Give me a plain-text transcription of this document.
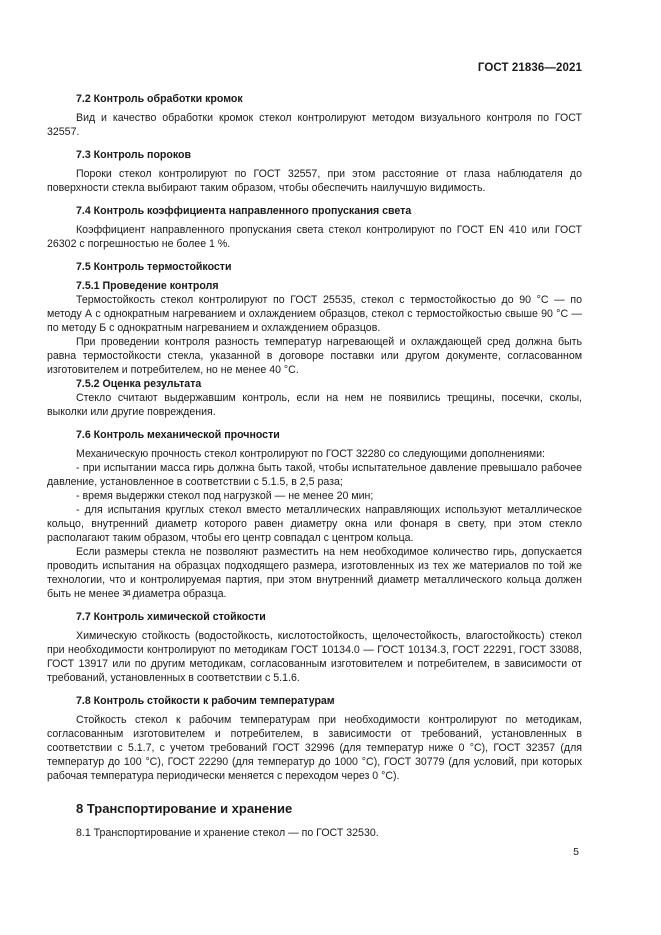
ГОСТ 21836—2021

7.2 Контроль обработки кромок

Вид и качество обработки кромок стекол контролируют методом визуального контроля по ГОСТ 32557.

7.3 Контроль пороков

Пороки стекол контролируют по ГОСТ 32557, при этом расстояние от глаза наблюдателя до поверхности стекла выбирают таким образом, чтобы обеспечить наилучшую видимость.

7.4 Контроль коэффициента направленного пропускания света

Коэффициент направленного пропускания света стекол контролируют по ГОСТ EN 410 или ГОСТ 26302 с погрешностью не более 1 %.

7.5 Контроль термостойкости

7.5.1 Проведение контроля

Термостойкость стекол контролируют по ГОСТ 25535, стекол с термостойкостью до 90 °С — по методу А с однократным нагреванием и охлаждением образцов, стекол с термостойкостью свыше 90 °С — по методу Б с однократным нагреванием и охлаждением образцов.

При проведении контроля разность температур нагревающей и охлаждающей сред должна быть равна термостойкости стекла, указанной в договоре поставки или другом документе, согласованном изготовителем и потребителем, но не менее 40 °С.

7.5.2 Оценка результата

Стекло считают выдержавшим контроль, если на нем не появились трещины, посечки, сколы, выколки или другие повреждения.

7.6 Контроль механической прочности

Механическую прочность стекол контролируют по ГОСТ 32280 со следующими дополнениями:

- при испытании масса гирь должна быть такой, чтобы испытательное давление превышало рабочее давление, установленное в соответствии с 5.1.5, в 2,5 раза;

- время выдержки стекол под нагрузкой — не менее 20 мин;

- для испытания круглых стекол вместо металлических направляющих используют металлическое кольцо, внутренний диаметр которого равен диаметру окна или фонаря в свету, при этом стекло располагают таким образом, чтобы его центр совпадал с центром кольца.

Если размеры стекла не позволяют разместить на нем необходимое количество гирь, допускается проводить испытания на образцах подходящего размера, изготовленных из тех же материалов по той же технологии, что и контролируемая партия, при этом внутренний диаметр металлического кольца должен быть не менее 3⁄4 диаметра образца.

7.7 Контроль химической стойкости

Химическую стойкость (водостойкость, кислотостойкость, щелочестойкость, влагостойкость) стекол при необходимости контролируют по методикам ГОСТ 10134.0 — ГОСТ 10134.3, ГОСТ 22291, ГОСТ 33088, ГОСТ 13917 или по другим методикам, согласованным изготовителем и потребителем, в зависимости от требований, установленных в соответствии с 5.1.6.

7.8 Контроль стойкости к рабочим температурам

Стойкость стекол к рабочим температурам при необходимости контролируют по методикам, согласованным изготовителем и потребителем, в зависимости от требований, установленных в соответствии с 5.1.7, с учетом требований ГОСТ 32996 (для температур ниже 0 °С), ГОСТ 32357 (для температур до 100 °С), ГОСТ 22290 (для температур до 1000 °С), ГОСТ 30779 (для условий, при которых рабочая температура периодически меняется с переходом через 0 °С).

8 Транспортирование и хранение

8.1 Транспортирование и хранение стекол — по ГОСТ 32530.

5
